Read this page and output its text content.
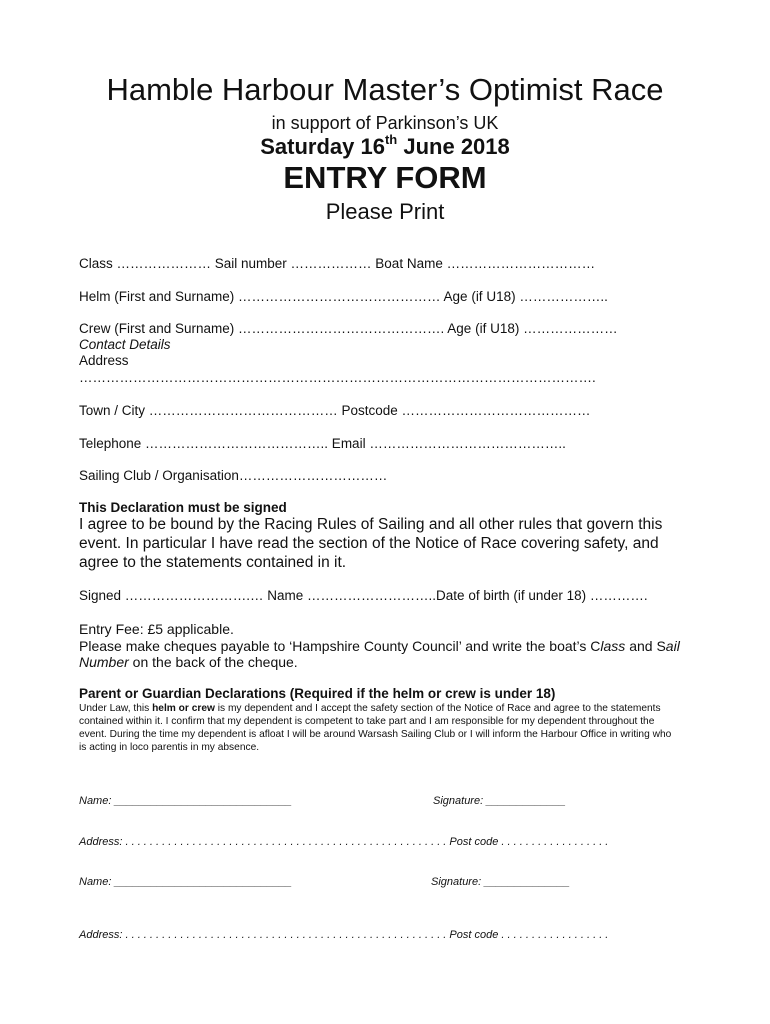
Hamble Harbour Master’s Optimist Race
in support of Parkinson’s UK
Saturday 16th June 2018
ENTRY FORM
Please Print
Class ………………… Sail number ……………… Boat Name ……………………………
Helm (First and Surname) ……………………………………… Age (if U18) ………………..
Crew (First and Surname) ………………………………………. Age (if U18) …………………
Contact Details
Address
…………………………………………………………………………………………………….
Town / City …………………………………… Postcode ……………………………………
Telephone ………………………………….. Email ……………………………………..
Sailing Club / Organisation……………………………
This Declaration must be signed
I agree to be bound by the Racing Rules of Sailing and all other rules that govern this event. In particular I have read the section of the Notice of Race covering safety, and agree to the statements contained in it.
Signed ……………………….… Name ………………………..Date of birth (if under 18) ………….
Entry Fee: £5 applicable.
Please make cheques payable to ‘Hampshire County Council’ and write the boat’s Class and Sail
Number on the back of the cheque.
Parent or Guardian Declarations (Required if the helm or crew is under 18)
Under Law, this helm or crew is my dependent and I accept the safety section of the Notice of Race and agree to the statements contained within it. I confirm that my dependent is competent to take part and I am responsible for my dependent throughout the event. During the time my dependent is afloat I will be around Warsash Sailing Club or I will inform the Harbour Office in writing who is acting in loco parentis in my absence.
Name: _____________________________	Signature: _____________
Address: . . . . . . . . . . . . . . . . . . . . . . . . . . . . . . . . . . . . . . . . . . . . . . . . . . . . . Post code . . . . . . . . . . . . . . . . . .
Name: _____________________________	Signature: ______________
Address: . . . . . . . . . . . . . . . . . . . . . . . . . . . . . . . . . . . . . . . . . . . . . . . . . . . . . Post code . . . . . . . . . . . . . . . . . .
